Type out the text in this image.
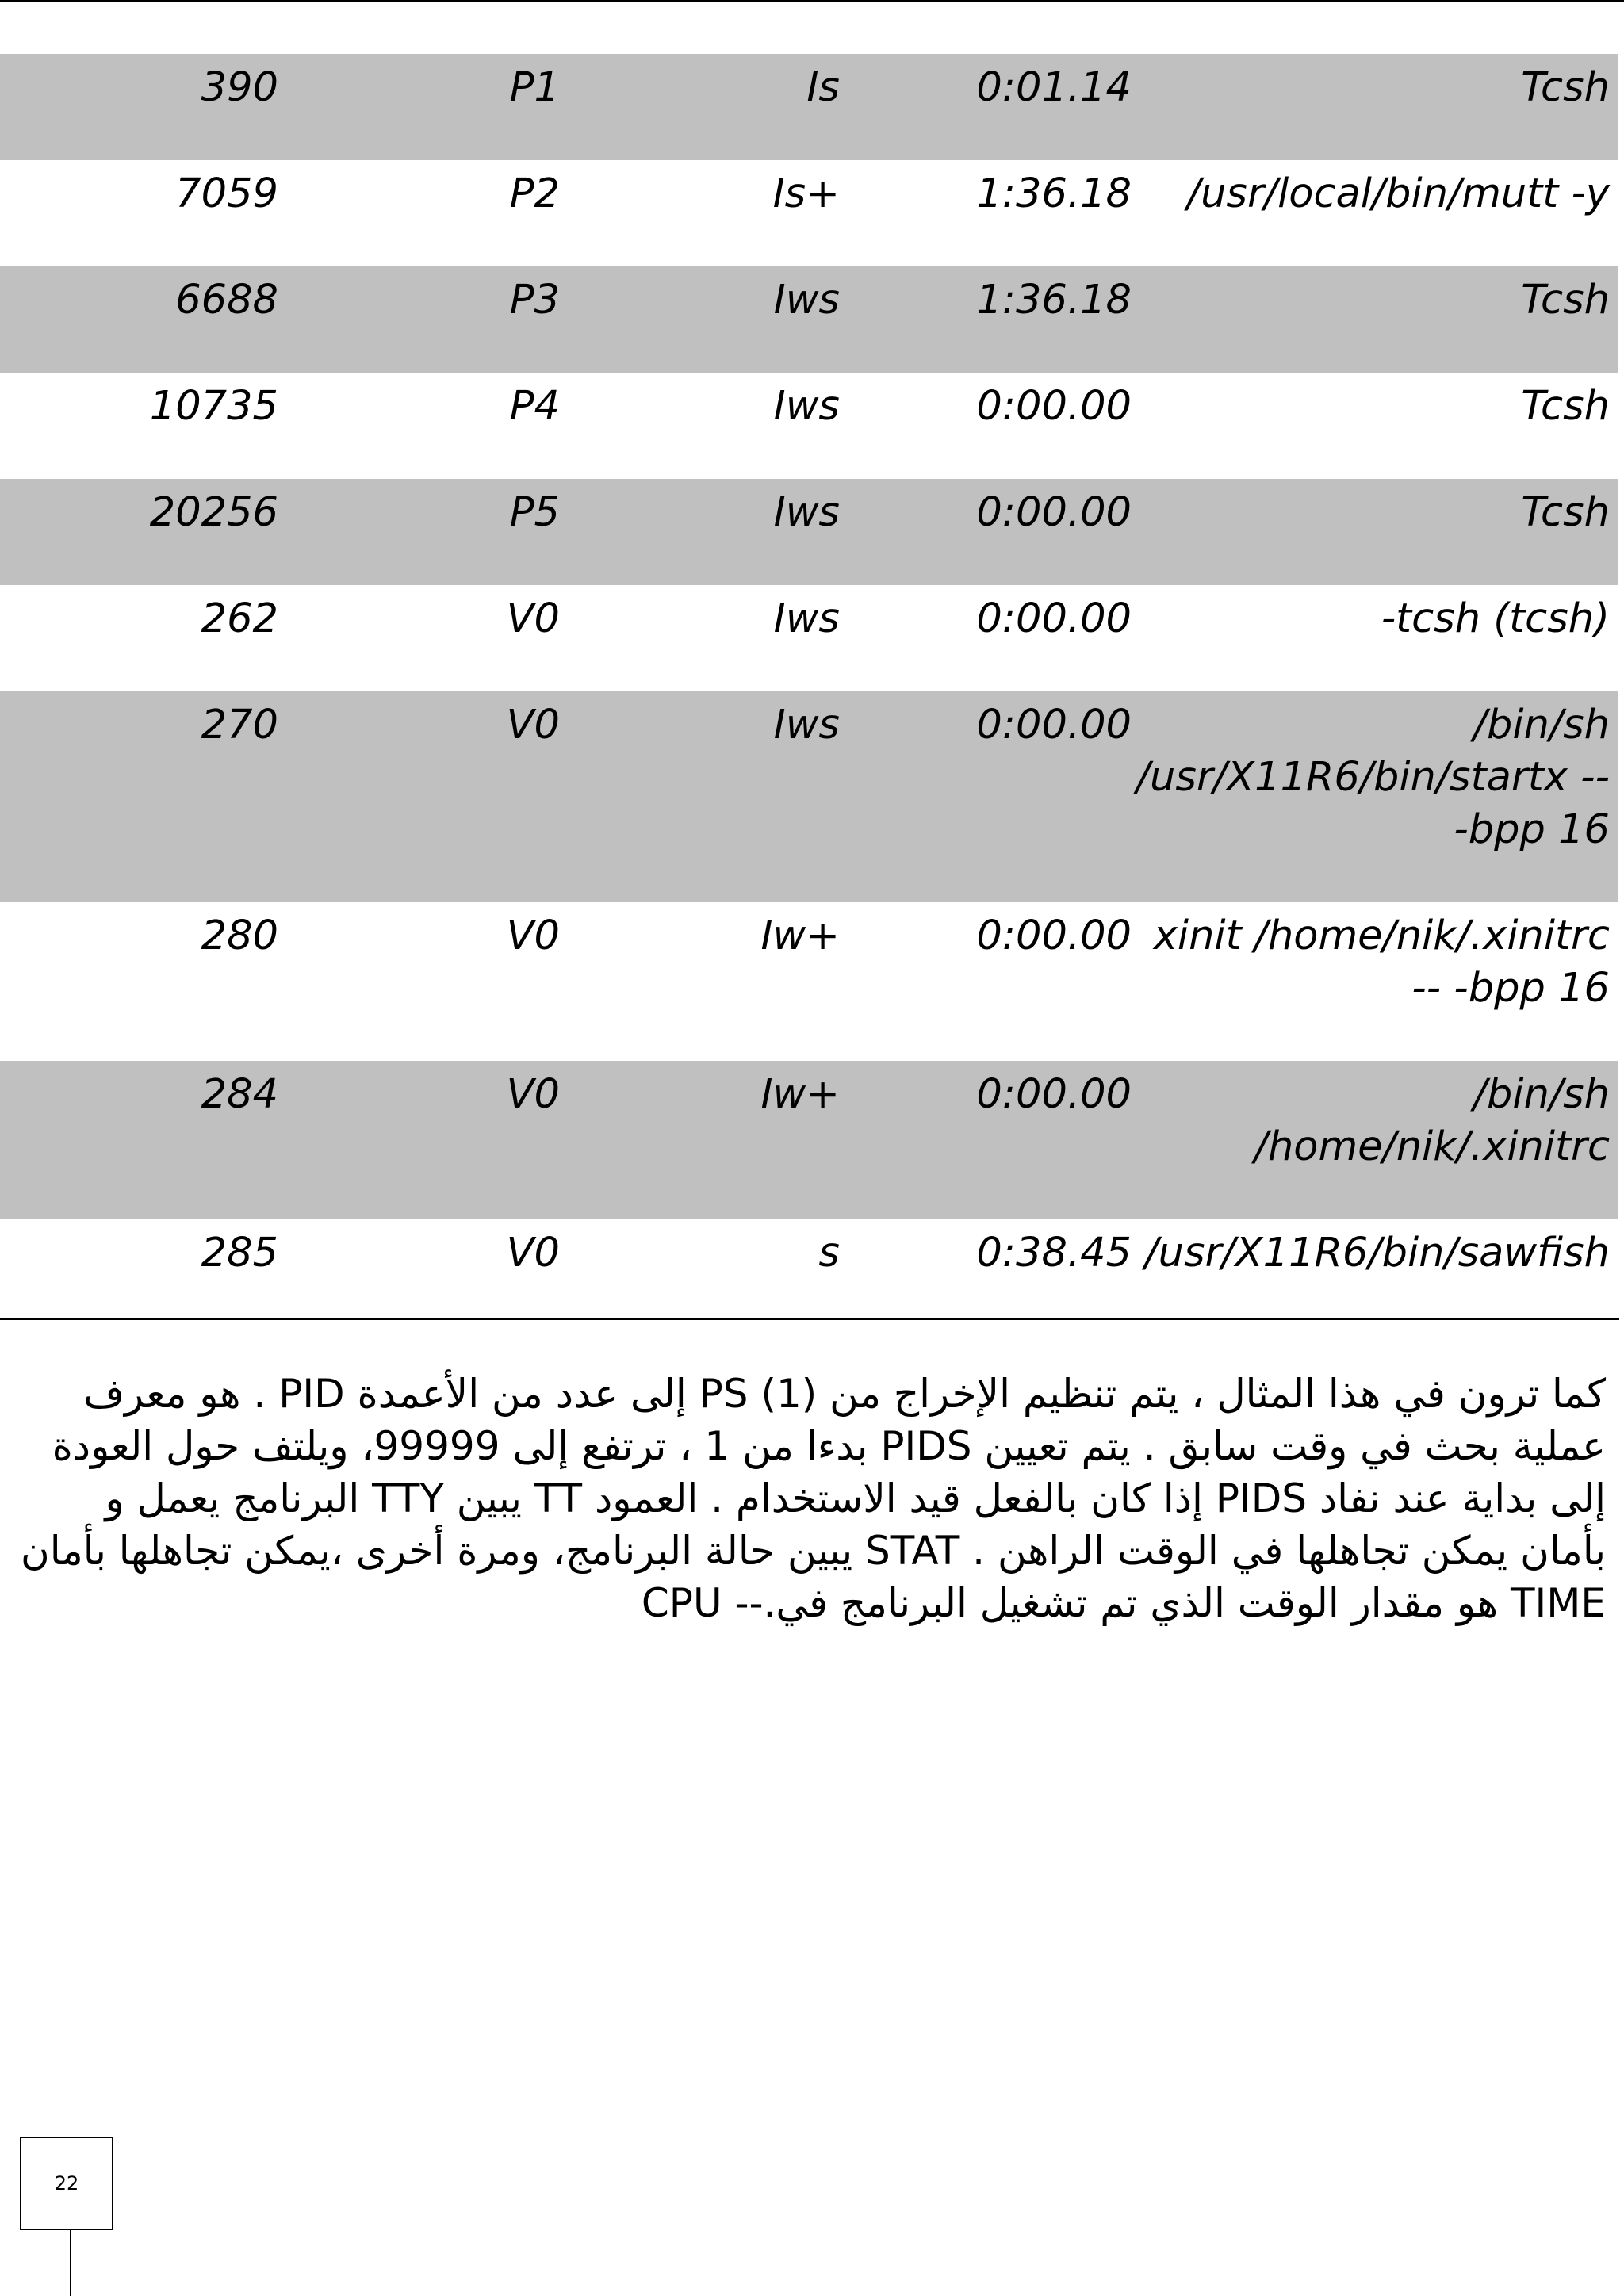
390	P1	Is	0:01.14	Tcsh

7059	P2	Is+	1:36.18	/usr/local/bin/mutt -y

6688	P3	Iws	1:36.18	Tcsh

10735	P4	Iws	0:00.00	Tcsh

20256	P5	Iws	0:00.00	Tcsh

262	V0	Iws	0:00.00	-tcsh (tcsh)

270	V0	Iws	0:00.00	/bin/sh /usr/X11R6/bin/startx -- -bpp 16

280	V0	Iw+	0:00.00	xinit /home/nik/.xinitrc -- -bpp 16

284	V0	Iw+	0:00.00	/bin/sh /home/nik/.xinitrc

285	V0	s	0:38.45	/usr/X11R6/bin/sawfish

كما ترون في هذا المثال ، يتم تنظيم الإخراج من PS (1) إلى عدد من الأعمدة PID . هو معرف عملية بحث في وقت سابق . يتم تعيين PIDS بدءا من 1 ، ترتفع إلى 99999، ويلتف حول العودة إلى بداية عند نفاد PIDS إذا كان بالفعل قيد الاستخدام . العمود TT يبين TTY البرنامج يعمل و بأمان يمكن تجاهلها في الوقت الراهن . STAT يبين حالة البرنامج، ومرة أخرى ،يمكن تجاهلها بأمان TIME هو مقدار الوقت الذي تم تشغيل البرنامج في.-- CPU

22
